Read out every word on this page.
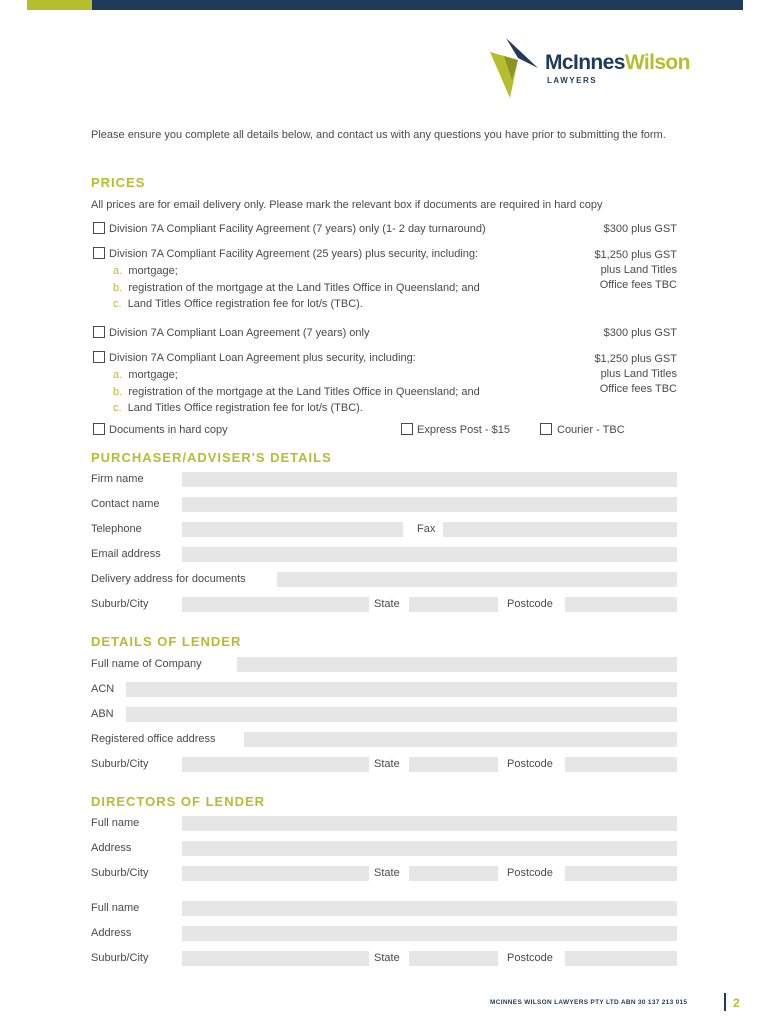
McInnesWilson
LAWYERS
Please ensure you complete all details below, and contact us with any questions you have prior to submitting the form.
PRICES
All prices are for email delivery only. Please mark the relevant box if documents are required in hard copy
Division 7A Compliant Facility Agreement (7 years) only (1- 2 day turnaround)	$300 plus GST
Division 7A Compliant Facility Agreement (25 years) plus security, including:
a. mortgage;
b. registration of the mortgage at the Land Titles Office in Queensland; and
c. Land Titles Office registration fee for lot/s (TBC).
$1,250 plus GST
plus Land Titles
Office fees TBC
Division 7A Compliant Loan Agreement (7 years) only	$300 plus GST
Division 7A Compliant Loan Agreement plus security, including:
a. mortgage;
b. registration of the mortgage at the Land Titles Office in Queensland; and
c. Land Titles Office registration fee for lot/s (TBC).
$1,250 plus GST
plus Land Titles
Office fees TBC
Documents in hard copy	Express Post - $15	Courier - TBC
PURCHASER/ADVISER'S DETAILS
Firm name
Contact name
Telephone	Fax
Email address
Delivery address for documents
Suburb/City	State	Postcode
DETAILS OF LENDER
Full name of Company
ACN
ABN
Registered office address
Suburb/City	State	Postcode
DIRECTORS OF LENDER
Full name
Address
Suburb/City	State	Postcode
Full name
Address
Suburb/City	State	Postcode
MCINNES WILSON LAWYERS PTY LTD ABN 30 137 213 015	2
